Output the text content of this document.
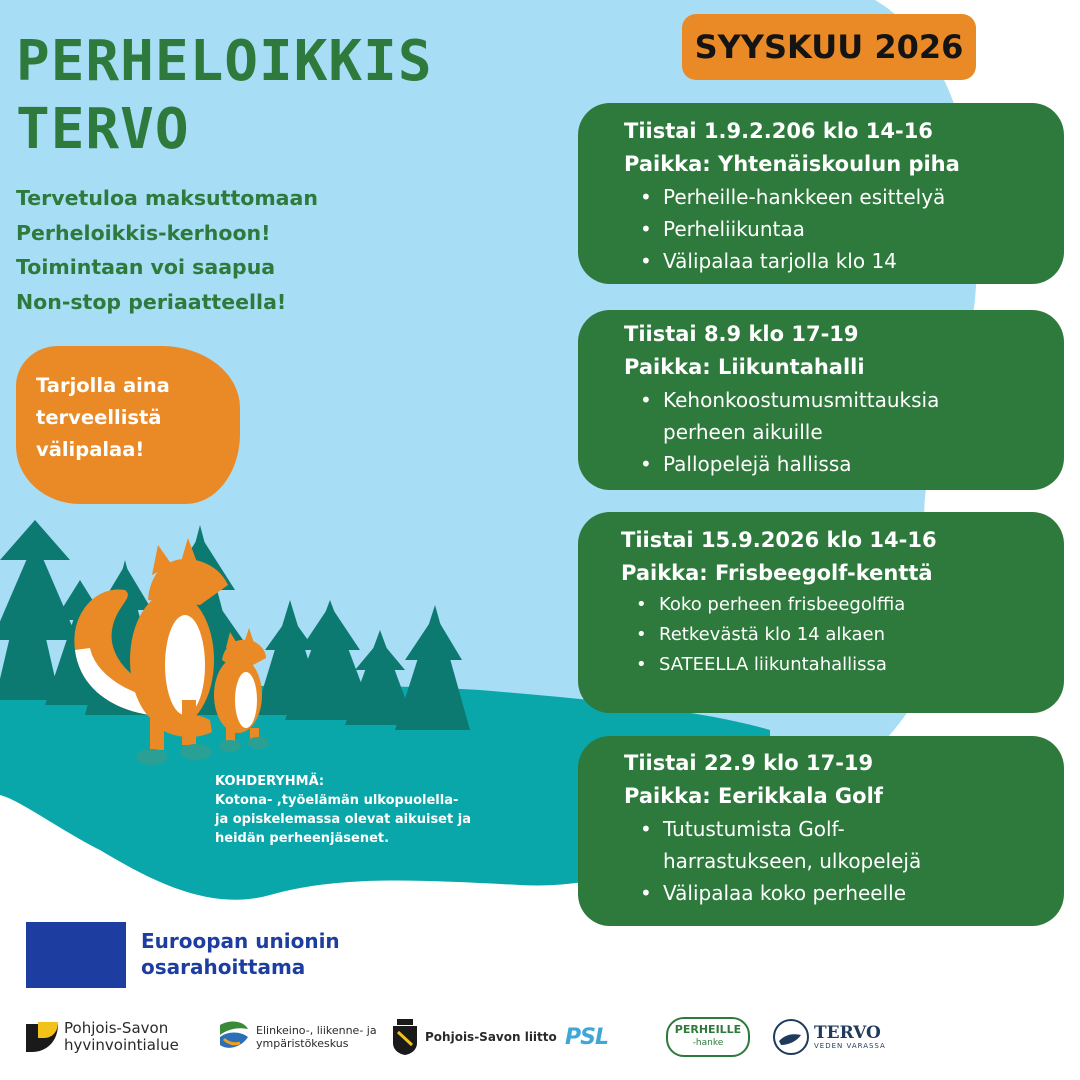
PERHELOIKKIS
TERVO
Tervetuloa maksuttomaan
Perheloikkis-kerhoon!
Toimintaan voi saapua
Non-stop periaatteella!
Tarjolla aina
terveellistä
välipalaa!
SYYSKUU 2026
Tiistai 1.9.2.206 klo 14-16
Paikka: Yhtenäiskoulun piha
• Perheille-hankkeen esittelyä
• Perheliikuntaa
• Välipalaa tarjolla klo 14
Tiistai 8.9 klo 17-19
Paikka: Liikuntahalli
• Kehonkoostumusmittauksia
perheen aikuille
• Pallopelejä hallissa
Tiistai 15.9.2026 klo 14-16
Paikka: Frisbeegolf-kenttä
• Koko perheen frisbeegolffia
• Retkevästä klo 14 alkaen
• SATEELLA liikuntahallissa
Tiistai 22.9 klo 17-19
Paikka: Eerikkala Golf
• Tutustumista Golf-
harrastukseen, ulkopelejä
• Välipalaa koko perheelle
KOHDERYHMÄ:
Kotona- ,työelämän ulkopuolella-
ja opiskelemassa olevat aikuiset ja
heidän perheenjäsenet.
Euroopan unionin
osarahoittama
Pohjois-Savon
hyvinvointialue
Elinkeino-, liikenne- ja
ympäristökeskus	Pohjois-Savon liitto PSL	PERHEILLE
-hanke
TERVO
VEDEN VARASSA
